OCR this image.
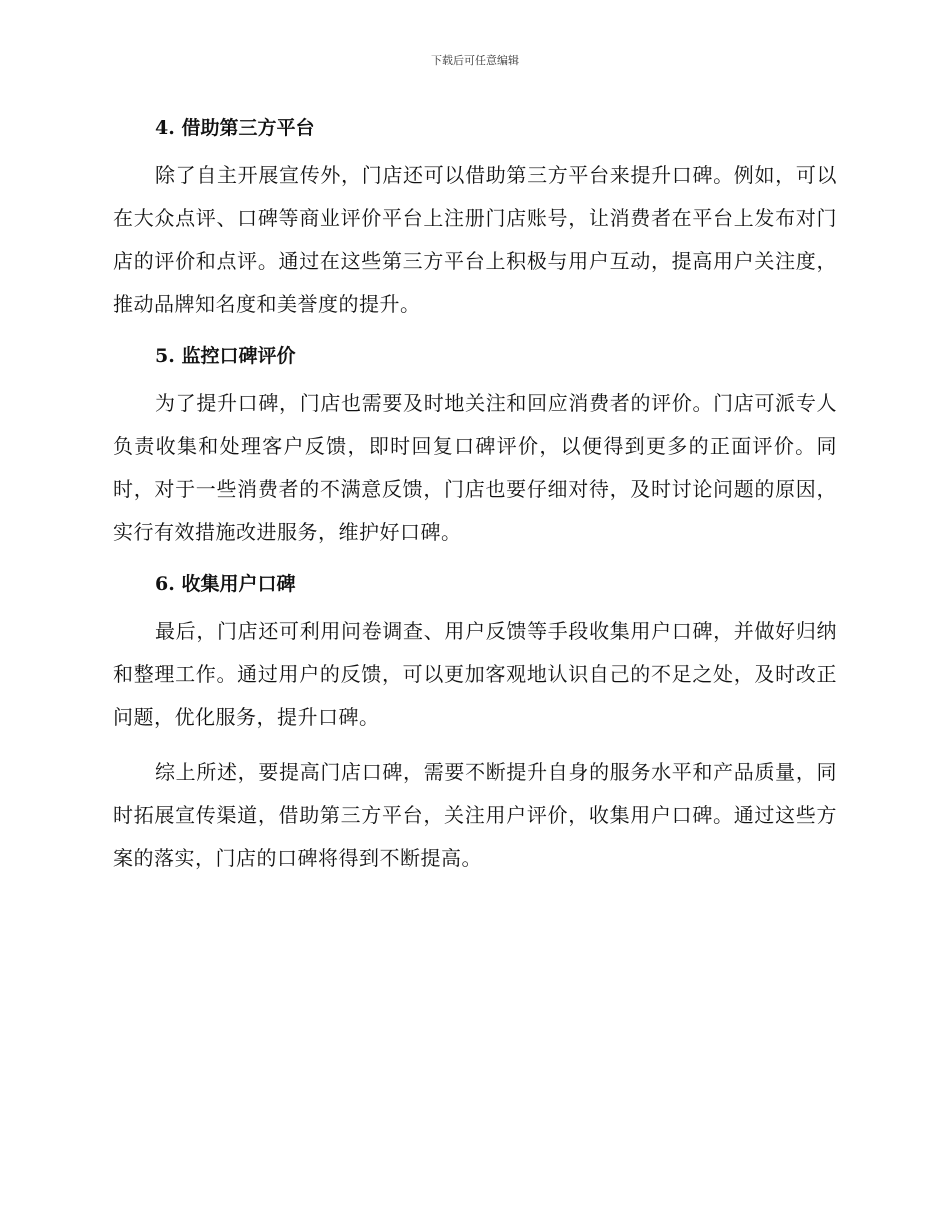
下载后可任意编辑
4. 借助第三方平台

除了自主开展宣传外，门店还可以借助第三方平台来提升口碑。例如，可以在大众点评、口碑等商业评价平台上注册门店账号，让消费者在平台上发布对门店的评价和点评。通过在这些第三方平台上积极与用户互动，提高用户关注度，推动品牌知名度和美誉度的提升。

5. 监控口碑评价

为了提升口碑，门店也需要及时地关注和回应消费者的评价。门店可派专人负责收集和处理客户反馈，即时回复口碑评价，以便得到更多的正面评价。同时，对于一些消费者的不满意反馈，门店也要仔细对待，及时讨论问题的原因，实行有效措施改进服务，维护好口碑。

6. 收集用户口碑

最后，门店还可利用问卷调查、用户反馈等手段收集用户口碑，并做好归纳和整理工作。通过用户的反馈，可以更加客观地认识自己的不足之处，及时改正问题，优化服务，提升口碑。

综上所述，要提高门店口碑，需要不断提升自身的服务水平和产品质量，同时拓展宣传渠道，借助第三方平台，关注用户评价，收集用户口碑。通过这些方案的落实，门店的口碑将得到不断提高。
